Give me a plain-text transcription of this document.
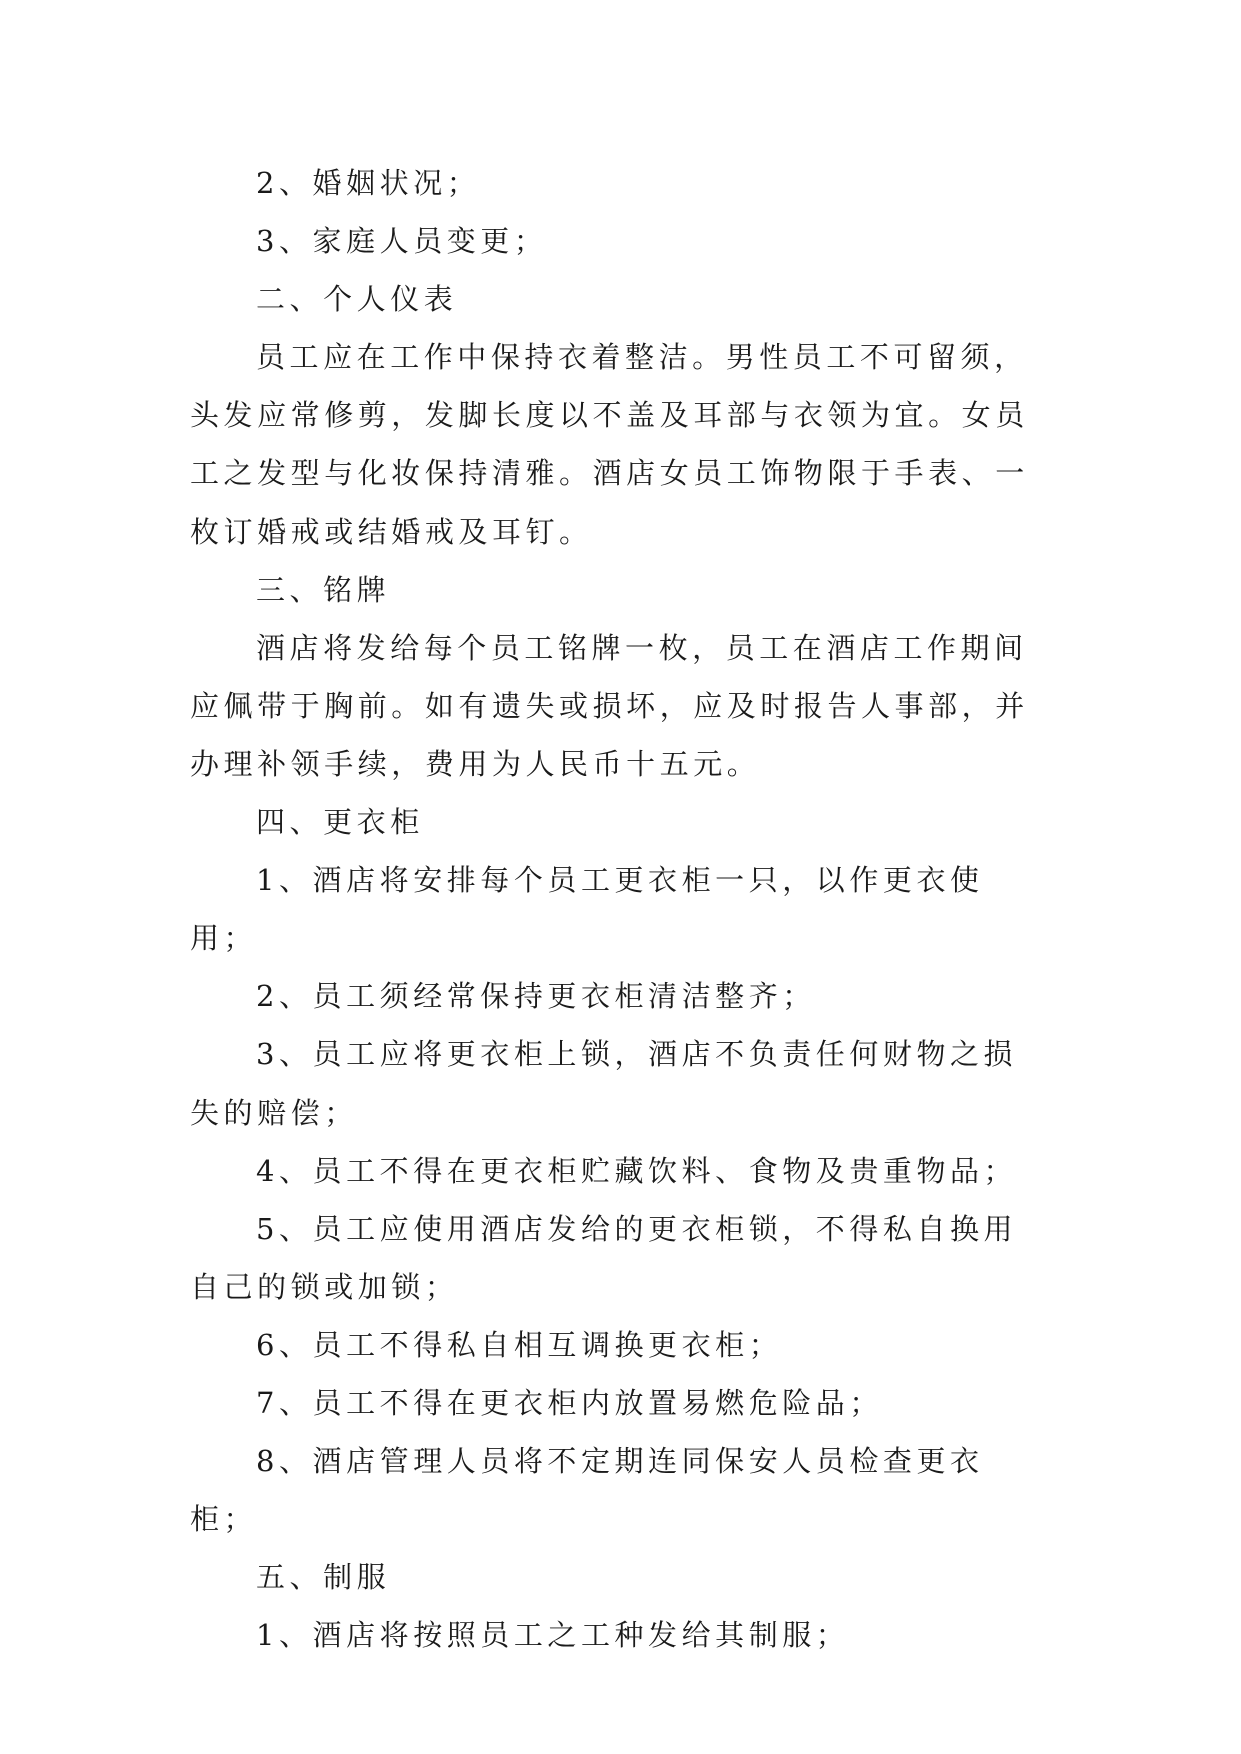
2、婚姻状况；

3、家庭人员变更；

二、个人仪表

员工应在工作中保持衣着整洁。男性员工不可留须，头发应常修剪，发脚长度以不盖及耳部与衣领为宜。女员工之发型与化妆保持清雅。酒店女员工饰物限于手表、一枚订婚戒或结婚戒及耳钉。

三、铭牌

酒店将发给每个员工铭牌一枚，员工在酒店工作期间应佩带于胸前。如有遗失或损坏，应及时报告人事部，并办理补领手续，费用为人民币十五元。

四、更衣柜

1、酒店将安排每个员工更衣柜一只，以作更衣使用；

2、员工须经常保持更衣柜清洁整齐；

3、员工应将更衣柜上锁，酒店不负责任何财物之损失的赔偿；

4、员工不得在更衣柜贮藏饮料、食物及贵重物品；

5、员工应使用酒店发给的更衣柜锁，不得私自换用自己的锁或加锁；

6、员工不得私自相互调换更衣柜；

7、员工不得在更衣柜内放置易燃危险品；

8、酒店管理人员将不定期连同保安人员检查更衣柜；

五、制服

1、酒店将按照员工之工种发给其制服；
